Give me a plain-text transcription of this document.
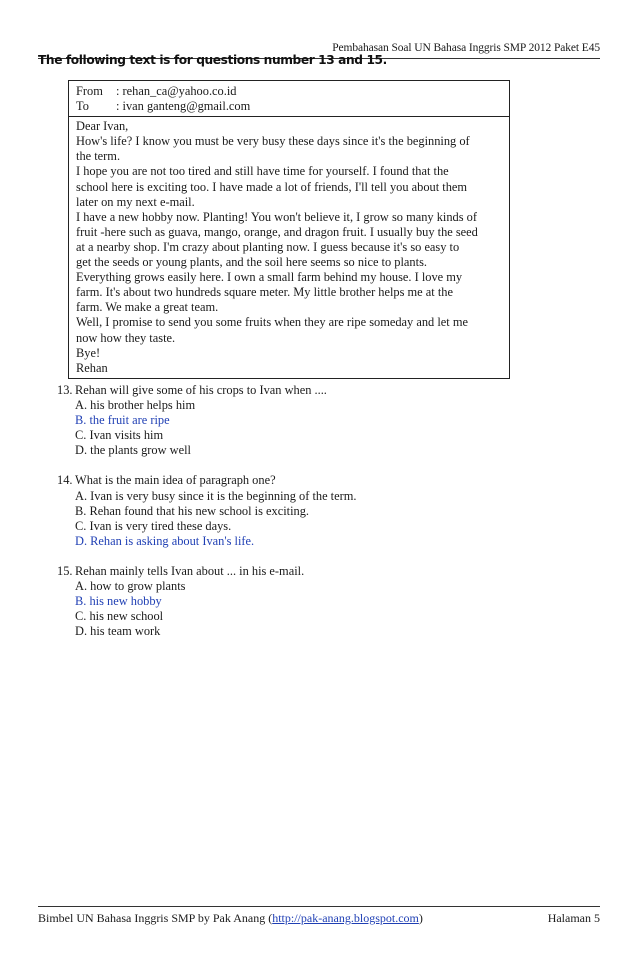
Pembahasan Soal UN Bahasa Inggris SMP 2012 Paket E45
The following text is for questions number 13 and 15.
From	: rehan_ca@yahoo.co.id
To	: ivan ganteng@gmail.com
Dear Ivan,
How's life? I know you must be very busy these days since it's the beginning of
the term.
I hope you are not too tired and still have time for yourself. I found that the
school here is exciting too. I have made a lot of friends, I'll tell you about them
later on my next e-mail.
I have a new hobby now. Planting! You won't believe it, I grow so many kinds of
fruit -here such as guava, mango, orange, and dragon fruit. I usually buy the seed
at a nearby shop. I'm crazy about planting now. I guess because it's so easy to
get the seeds or young plants, and the soil here seems so nice to plants.
Everything grows easily here. I own a small farm behind my house. I love my
farm. It's about two hundreds square meter. My little brother helps me at the
farm. We make a great team.
Well, I promise to send you some fruits when they are ripe someday and let me
now how they taste.
Bye!
Rehan
13. Rehan will give some of his crops to Ivan when ....
A. his brother helps him
B. the fruit are ripe
C. Ivan visits him
D. the plants grow well
14. What is the main idea of paragraph one?
A. Ivan is very busy since it is the beginning of the term.
B. Rehan found that his new school is exciting.
C. Ivan is very tired these days.
D. Rehan is asking about Ivan's life.
15. Rehan mainly tells Ivan about ... in his e-mail.
A. how to grow plants
B. his new hobby
C. his new school
D. his team work
Bimbel UN Bahasa Inggris SMP by Pak Anang (http://pak-anang.blogspot.com)	Halaman 5
